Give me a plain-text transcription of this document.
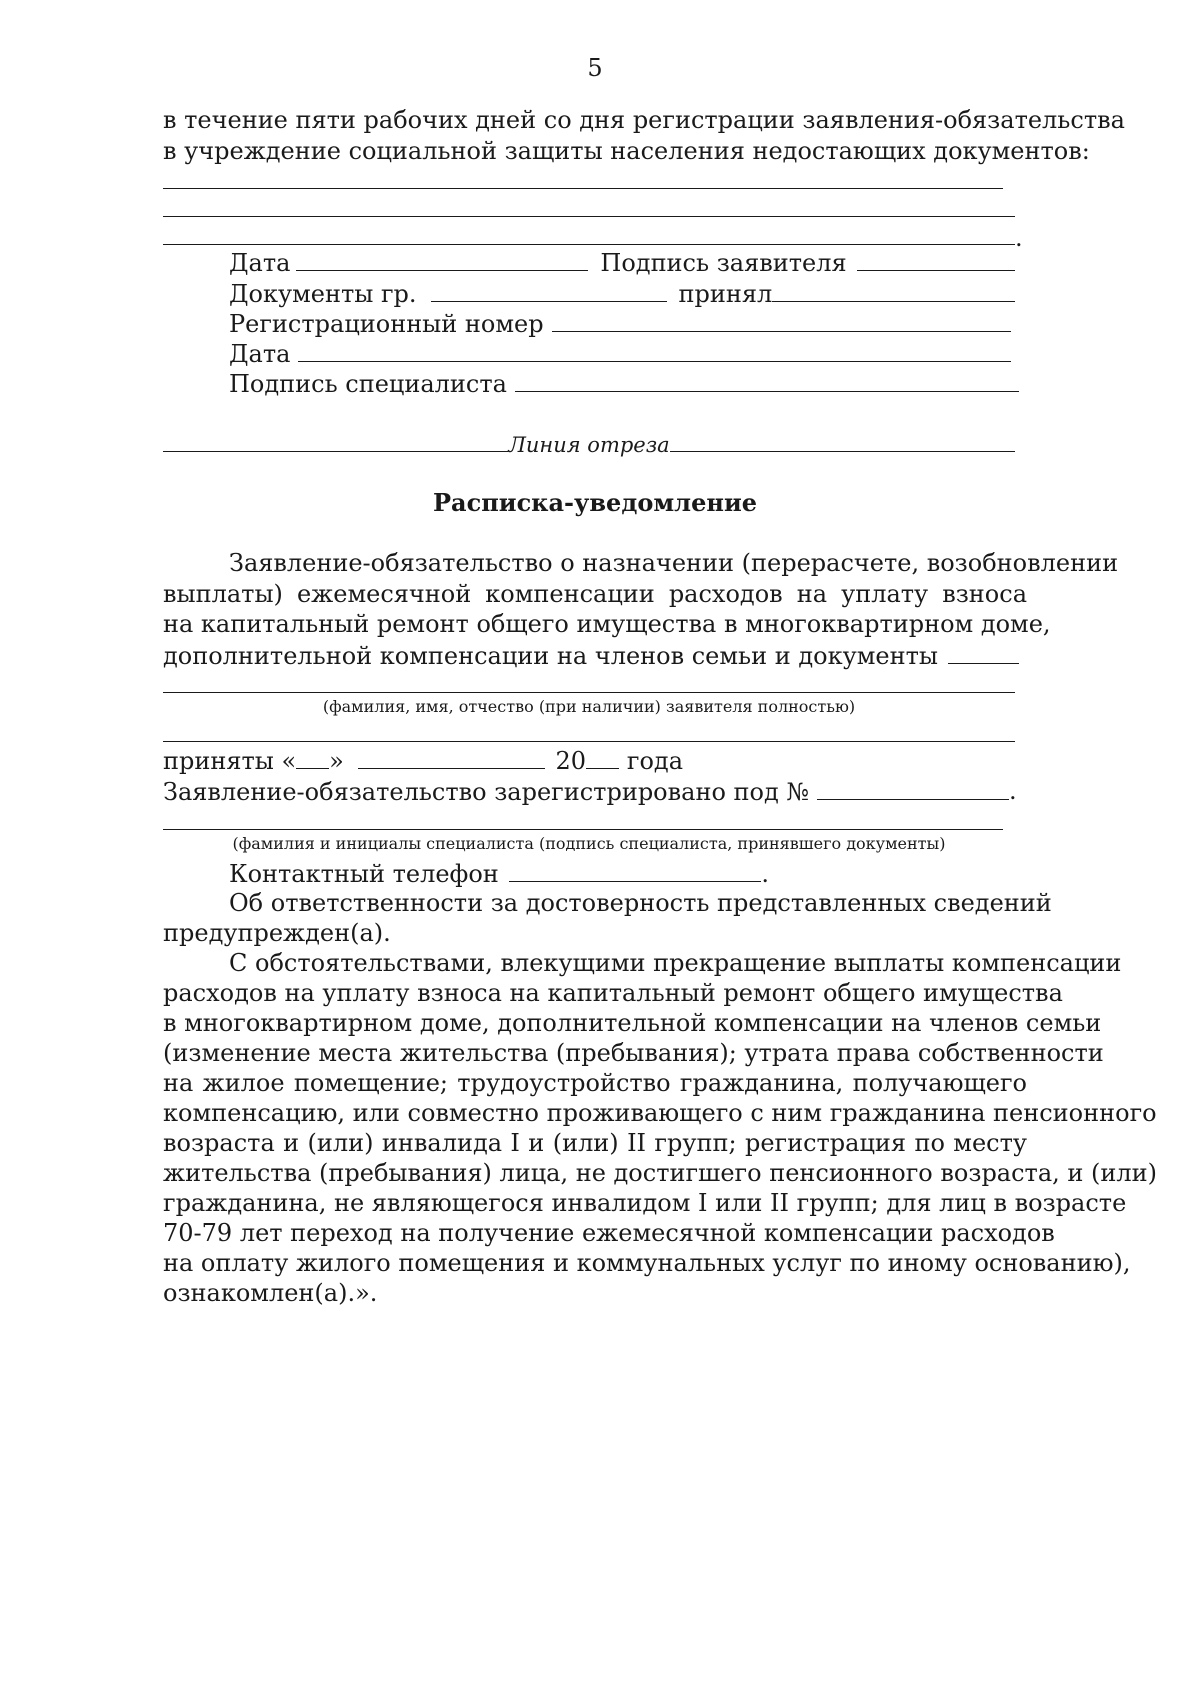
5
в течение пяти рабочих дней со дня регистрации заявления-обязательства
в учреждение социальной защиты населения недостающих документов:
.
Дата	Подпись заявителя
Документы гр.	принял
Регистрационный номер
Дата
Подпись специалиста
Линия отреза
Расписка-уведомление
Заявление-обязательство о назначении (перерасчете, возобновлении
выплаты) ежемесячной компенсации расходов на уплату взноса
на капитальный ремонт общего имущества в многоквартирном доме,
дополнительной компенсации на членов семьи и документы
(фамилия, имя, отчество (при наличии) заявителя полностью)
приняты « »	20 года
Заявление-обязательство зарегистрировано под №	.
(фамилия и инициалы специалиста (подпись специалиста, принявшего документы)
Контактный телефон	.
Об ответственности за достоверность представленных сведений
предупрежден(а).
С обстоятельствами, влекущими прекращение выплаты компенсации
расходов на уплату взноса на капитальный ремонт общего имущества
в многоквартирном доме, дополнительной компенсации на членов семьи
(изменение места жительства (пребывания); утрата права собственности
на жилое помещение; трудоустройство гражданина, получающего
компенсацию, или совместно проживающего с ним гражданина пенсионного
возраста и (или) инвалида I и (или) II групп; регистрация по месту
жительства (пребывания) лица, не достигшего пенсионного возраста, и (или)
гражданина, не являющегося инвалидом I или II групп; для лиц в возрасте
70-79 лет переход на получение ежемесячной компенсации расходов
на оплату жилого помещения и коммунальных услуг по иному основанию),
ознакомлен(а).».
